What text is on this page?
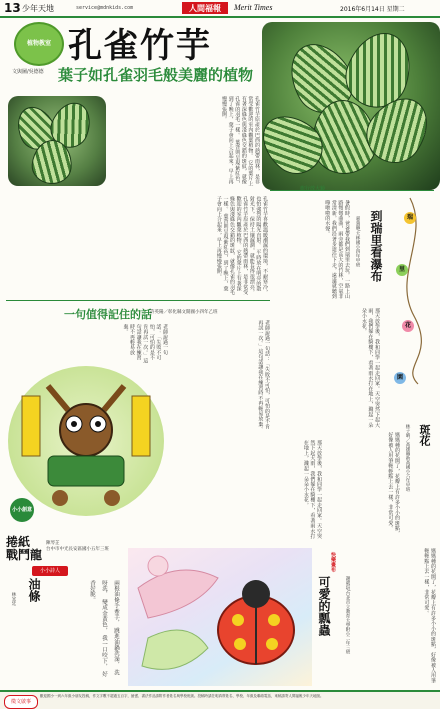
13 少年天地	service@mdnkids.com	人間福報	Merit Times	2016年6月14日 星期二
植物教室
文與圖/吳德德
孔雀竹芋
葉子如孔雀羽毛般美麗的植物
孔雀竹芋原產於巴西的熱帶雨林，是非常受歡迎的室內觀葉植物。 它的葉片上有著深綠色與淺綠色交錯的斑紋，就像孔雀的羽毛一樣。 葉背則呈現紫紅色，到了晚上，葉子會向上合起來，早上再慢慢張開。
孔雀竹芋喜歡溫暖潮濕的環境，不耐寒冷，也怕強烈的陽光直射。 平時放在明亮的散射光下，保持土壤濕潤，就能長得很漂亮。 孔雀竹芋原產於巴西的熱帶雨林，是非常受歡迎的室內觀葉植物。 它的葉片上有著深綠色與淺綠色交錯的斑紋，就像孔雀的羽毛一樣。 葉背則呈現紫紅色，到了晚上，葉子會向上合起來，早上再慢慢張開。
旅行放大鏡
到瑞里看瀑布
嘉義縣/大林國小四年甲班
暑假時，爸爸帶我們到瑞里去玩。一路上山路彎彎曲曲，兩旁都是高大的竹林，空氣非常清新。我們沿著步道往下走，遠遠就聽到嘩啦啦的水聲。	瑞
里
花
園
一句值得記住的話
許英陽／彰化縣文開國小四年乙班
老師說過一句話：「失敗不可怕，可怕的是不肯再試一次。」這句話讓我在練習時不再輕易放棄。	老師說過一句話：「失敗不可怕，可怕的是不肯再試一次。」這句話讓我在練習時不再輕易放棄。	那天放學後，我和同學一起走回家。天空突然下起大雨，我們躲在騎樓下，看著雨水打在地上，濺起一朵朵小水花。
那天放學後，我和同學一起走回家。天空突然下起大雨，我們躲在騎樓下，看著雨水打在地上，濺起一朵朵小水花。
斑花
林子晴／高雄縣新高國小六年甲班
媽媽種的花開了，花瓣上有許多小小的斑點，好像被人用筆輕輕點上去一樣，非常可愛。
小小創意
捲紙
戰鬥龍
陳琴芷
台中市中光長安區國小五年三班
小小詩人
油條
林宜廷	兩根油條手牽手， 跳進油鍋洗澡， 洗呀洗， 變成金黃色， 我一口咬下， 好香好脆。
快樂畫布
可愛的瓢蟲	謝葳瑄/台北市立教育大學附小二年三班	媽媽種的花開了，花瓣上有許多小小的斑點，好像被人用筆輕輕點上去一樣，非常可愛。
徵文啟事
歡迎國小一到六年級小朋友投稿，作文字數不超過五百字，繪畫、書法作品請附作者姓名與學校班級。投稿時請註明真實姓名、學校、年級及聯絡電話，來稿請寄人間福報少年天地版。
